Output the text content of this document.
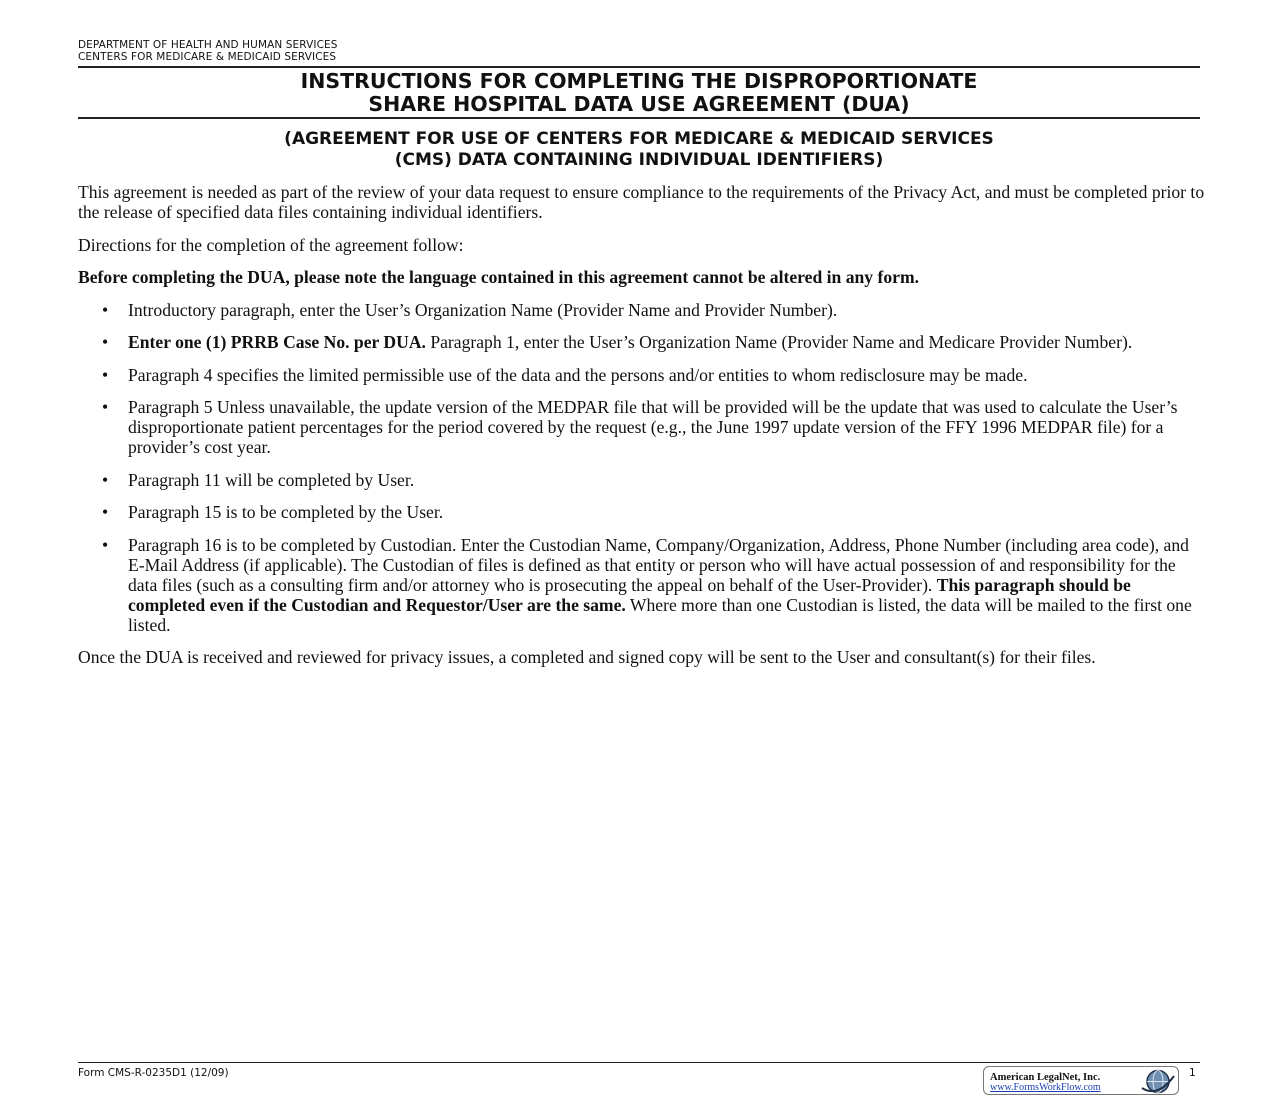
DEPARTMENT OF HEALTH AND HUMAN SERVICES
CENTERS FOR MEDICARE & MEDICAID SERVICES
INSTRUCTIONS FOR COMPLETING THE DISPROPORTIONATE
SHARE HOSPITAL DATA USE AGREEMENT (DUA)
(AGREEMENT FOR USE OF CENTERS FOR MEDICARE & MEDICAID SERVICES
(CMS) DATA CONTAINING INDIVIDUAL IDENTIFIERS)

This agreement is needed as part of the review of your data request to ensure compliance to the requirements of the Privacy Act, and must be completed prior to the release of specified data files containing individual identifiers.

Directions for the completion of the agreement follow:

Before completing the DUA, please note the language contained in this agreement cannot be altered in any form.

• Introductory paragraph, enter the User’s Organization Name (Provider Name and Provider Number).
• Enter one (1) PRRB Case No. per DUA. Paragraph 1, enter the User’s Organization Name (Provider Name and Medicare Provider Number).
• Paragraph 4 specifies the limited permissible use of the data and the persons and/or entities to whom redisclosure may be made.
• Paragraph 5 Unless unavailable, the update version of the MEDPAR file that will be provided will be the update that was used to calculate the User’s disproportionate patient percentages for the period covered by the request (e.g., the June 1997 update version of the FFY 1996 MEDPAR file) for a provider’s cost year.
• Paragraph 11 will be completed by User.
• Paragraph 15 is to be completed by the User.
• Paragraph 16 is to be completed by Custodian. Enter the Custodian Name, Company/Organization, Address, Phone Number (including area code), and E-Mail Address (if applicable). The Custodian of files is defined as that entity or person who will have actual possession of and responsibility for the data files (such as a consulting firm and/or attorney who is prosecuting the appeal on behalf of the User-Provider). This paragraph should be completed even if the Custodian and Requestor/User are the same. Where more than one Custodian is listed, the data will be mailed to the first one listed.

Once the DUA is received and reviewed for privacy issues, a completed and signed copy will be sent to the User and consultant(s) for their files.

Form CMS-R-0235D1 (12/09)	American LegalNet, Inc.
www.FormsWorkFlow.com
1
